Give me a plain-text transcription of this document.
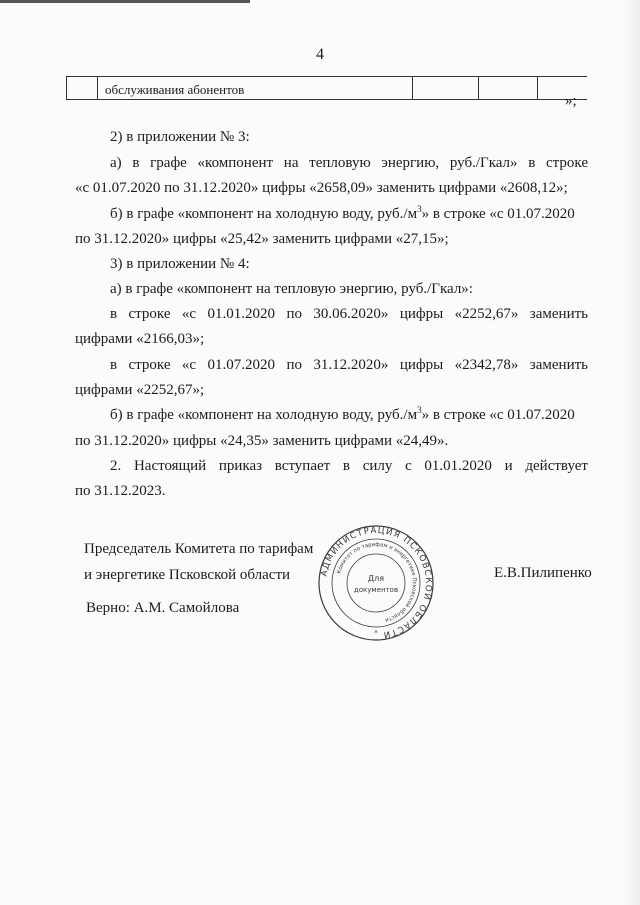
4
обслуживания абонентов
»;
2) в приложении № 3:
а) в графе «компонент на тепловую энергию, руб./Гкал» в строке
«с 01.07.2020 по 31.12.2020» цифры «2658,09» заменить цифрами «2608,12»;
б) в графе «компонент на холодную воду, $руб./м^3$» в строке «с 01.07.2020
по 31.12.2020» цифры «25,42» заменить цифрами «27,15»;
3) в приложении № 4:
а) в графе «компонент на тепловую энергию, руб./Гкал»:
в строке «с 01.01.2020 по 30.06.2020» цифры «2252,67» заменить
цифрами «2166,03»;
в строке «с 01.07.2020 по 31.12.2020» цифры «2342,78» заменить
цифрами «2252,67»;
б) в графе «компонент на холодную воду, $руб./м^3$» в строке «с 01.07.2020
по 31.12.2020» цифры «24,35» заменить цифрами «24,49».
2. Настоящий приказ вступает в силу с 01.01.2020 и действует
по 31.12.2023.
Председатель Комитета по тарифам
и энергетике Псковской области	Е.В.Пилипенко
Верно: А.М. Самойлова
АДМИНИСТРАЦИЯ ПСКОВСКОЙ ОБЛАСТИ
Комитет по тарифам и энергетике Псковской области
Для
документов
*
